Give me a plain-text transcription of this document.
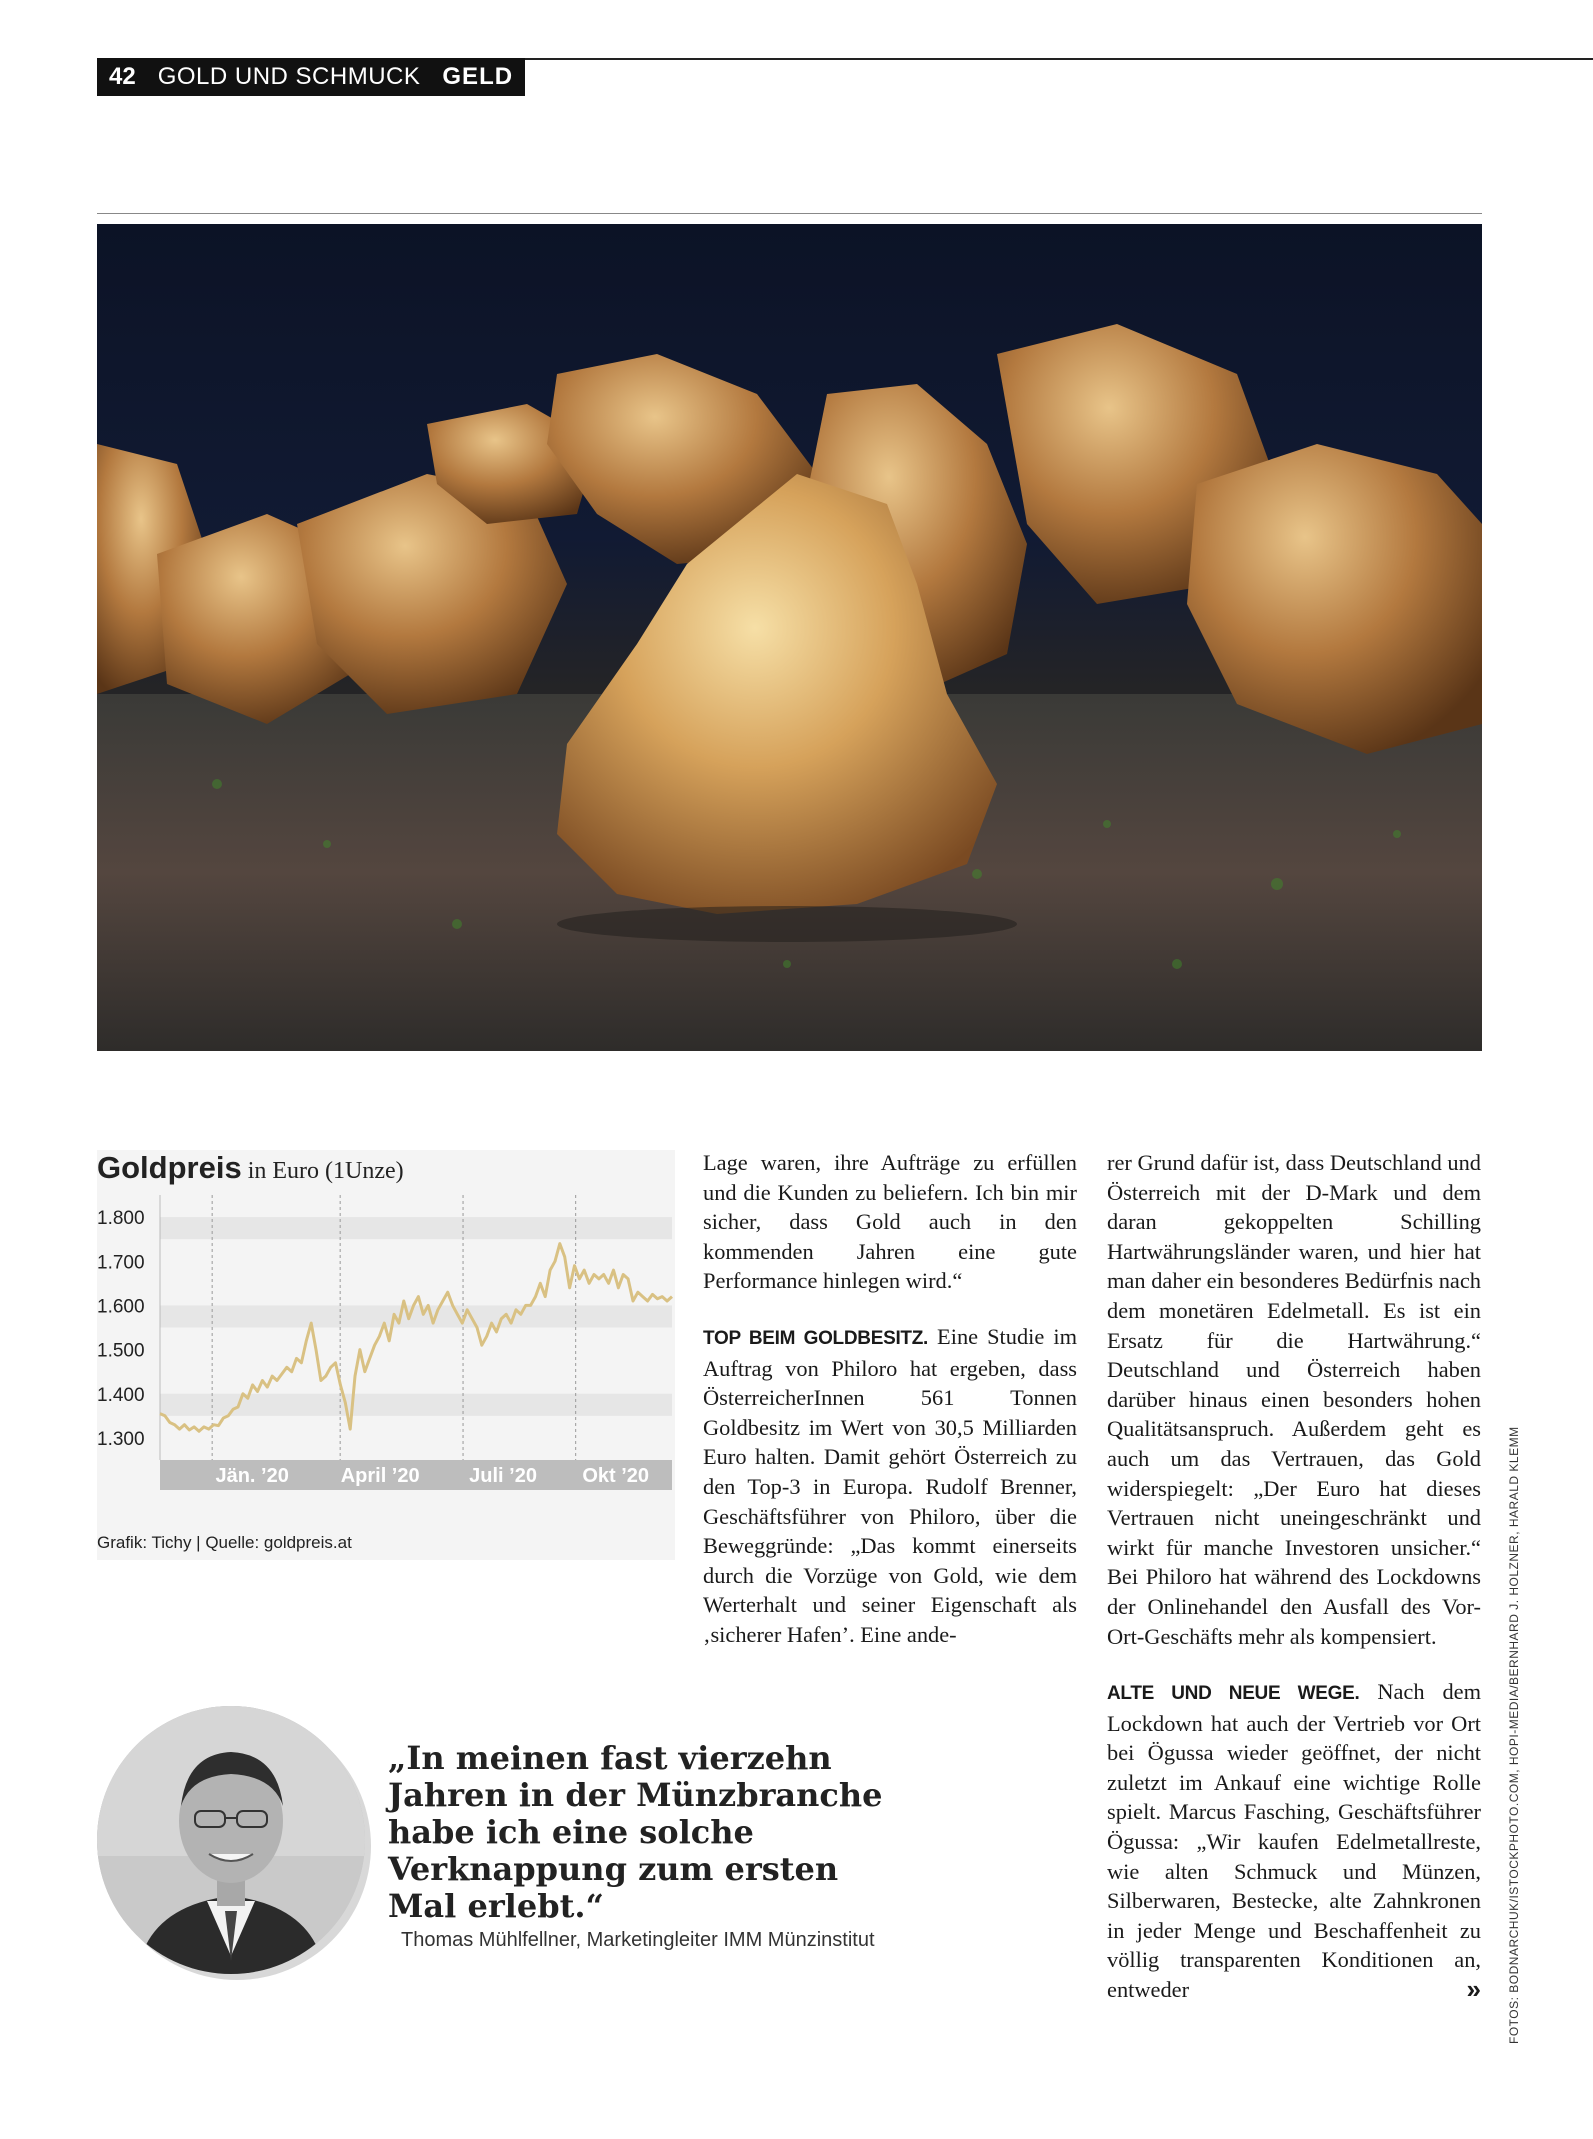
42 GOLD UND SCHMUCK GELD
Goldpreis in Euro (1Unze)
1.800
1.700
1.600
1.500
1.400
1.300
Jän. ’20	April ’20 Juli ’20 Okt ’20
Grafik: Tichy | Quelle: goldpreis.at

Lage waren, ihre Aufträge zu erfüllen und die Kunden zu beliefern. Ich bin mir sicher, dass Gold auch in den kommenden Jahren eine gute Performance hinlegen wird.“

TOP BEIM GOLDBESITZ. Eine Studie im Auftrag von Philoro hat ergeben, dass ÖsterreicherInnen 561 Tonnen Goldbesitz im Wert von 30,5 Milliarden Euro halten. Damit gehört Österreich zu den Top-3 in Europa. Rudolf Brenner, Geschäftsführer von Philoro, über die Beweggründe: „Das kommt einerseits durch die Vorzüge von Gold, wie dem Werterhalt und seiner Eigenschaft als ‚sicherer Hafen’. Eine ande-

rer Grund dafür ist, dass Deutschland und Österreich mit der D-Mark und dem daran gekoppelten Schilling Hartwährungsländer waren, und hier hat man daher ein besonderes Bedürfnis nach dem monetären Edelmetall. Es ist ein Ersatz für die Hartwährung.“ Deutschland und Österreich haben darüber hinaus einen besonders hohen Qualitätsanspruch. Außerdem geht es auch um das Vertrauen, das Gold widerspiegelt: „Der Euro hat dieses Vertrauen nicht uneingeschränkt und wirkt für manche Investoren unsicher.“ Bei Philoro hat während des Lockdowns der Onlinehandel den Ausfall des Vor-Ort-Geschäfts mehr als kompensiert.

ALTE UND NEUE WEGE. Nach dem Lockdown hat auch der Vertrieb vor Ort bei Ögussa wieder geöffnet, der nicht zuletzt im Ankauf eine wichtige Rolle spielt. Marcus Fasching, Geschäftsführer Ögussa: „Wir kaufen Edelmetallreste, wie alten Schmuck und Münzen, Silberwaren, Bestecke, alte Zahnkronen in jeder Menge und Beschaffenheit zu völlig transparenten Konditionen an, entweder	» FOTOS: BODNARCHUK/ISTOCKPHOTO.COM, HOPI-MEDIA/BERNHARD J. HOLZNER, HARALD KLEMM
„In meinen fast vierzehn Jahren in der Münzbranche habe ich eine solche Verknappung zum ersten Mal erlebt.“
Thomas Mühlfellner, Marketingleiter IMM Münzinstitut
